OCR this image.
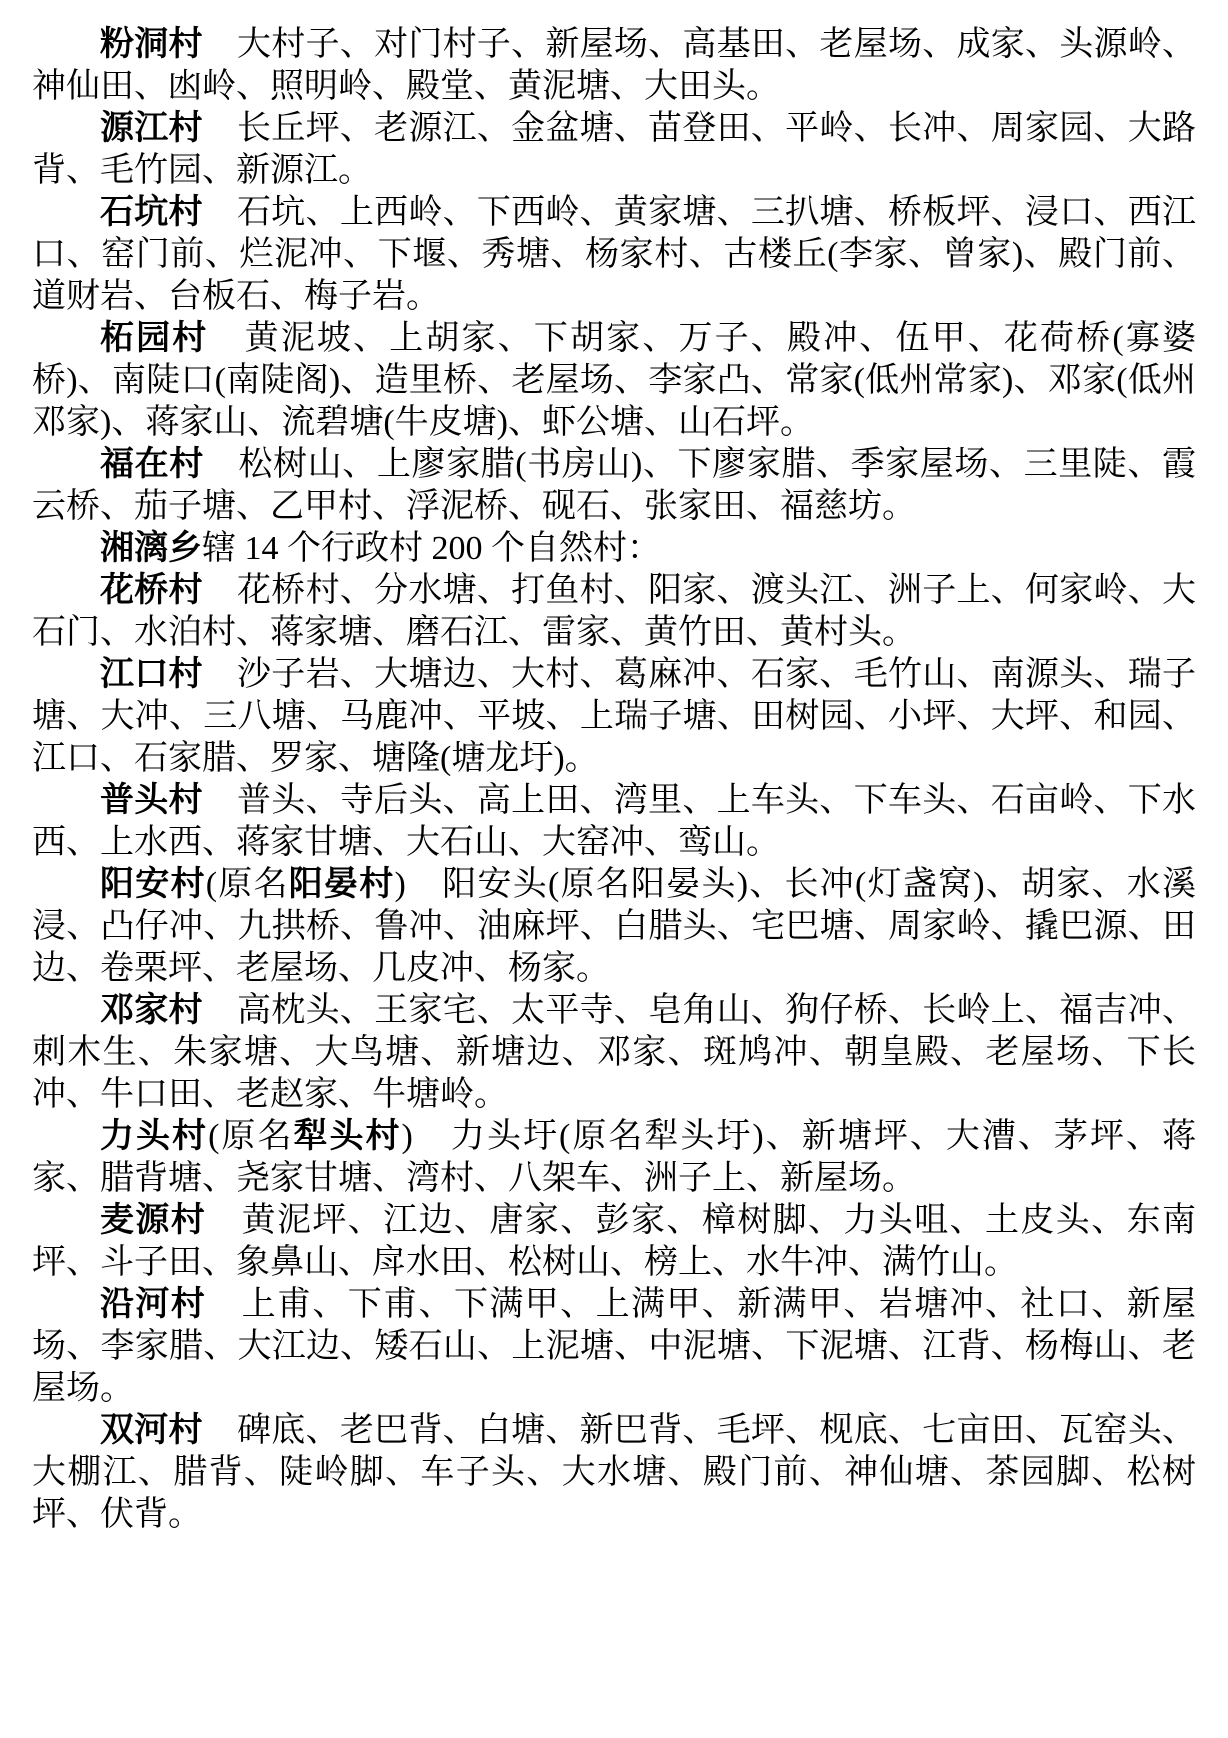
粉洞村　 大村子、对门村子、新屋场、高基田、老屋场、成家、头源岭、神仙田、凼岭、照明岭、殿堂、黄泥塘、大田头。

源江村　 长丘坪、老源江、金盆塘、苗登田、平岭、长冲、周家园、大路背、毛竹园、新源江。

石坑村　 石坑、上西岭、下西岭、黄家塘、三扒塘、桥板坪、浸口、西江口、窑门前、烂泥冲、下堰、秀塘、杨家村、古楼丘(李家、曾家)、殿门前、道财岩、台板石、梅子岩。

柘园村　 黄泥坡、上胡家、下胡家、万子、殿冲、伍甲、花荷桥(寡婆桥)、南陡口(南陡阁)、造里桥、老屋场、李家凸、常家(低州常家)、邓家(低州邓家)、蒋家山、流碧塘(牛皮塘)、虾公塘、山石坪。

福在村　 松树山、上廖家腊(书房山)、下廖家腊、季家屋场、三里陡、霞云桥、茄子塘、乙甲村、浮泥桥、砚石、张家田、福慈坊。

湘漓乡辖 14 个行政村 200 个自然村：

花桥村　 花桥村、分水塘、打鱼村、阳家、渡头江、洲子上、何家岭、大石门、水泊村、蒋家塘、磨石江、雷家、黄竹田、黄村头。

江口村　 沙子岩、大塘边、大村、葛麻冲、石家、毛竹山、南源头、瑞子塘、大冲、三八塘、马鹿冲、平坡、上瑞子塘、田树园、小坪、大坪、和园、江口、石家腊、罗家、塘隆(塘龙圩)。

普头村　 普头、寺后头、高上田、湾里、上车头、下车头、石亩岭、下水西、上水西、蒋家甘塘、大石山、大窑冲、鸾山。

阳安村(原名阳晏村)　 阳安头(原名阳晏头)、长冲(灯盏窝)、胡家、水溪浸、凸仔冲、九拱桥、鲁冲、油麻坪、白腊头、宅巴塘、周家岭、撬巴源、田边、卷栗坪、老屋场、几皮冲、杨家。

邓家村　 高枕头、王家宅、太平寺、皂角山、狗仔桥、长岭上、福吉冲、刺木生、朱家塘、大鸟塘、新塘边、邓家、斑鸠冲、朝皇殿、老屋场、下长冲、牛口田、老赵家、牛塘岭。

力头村(原名犁头村)　 力头圩(原名犁头圩)、新塘坪、大漕、茅坪、蒋家、腊背塘、尧家甘塘、湾村、八架车、洲子上、新屋场。

麦源村　 黄泥坪、江边、唐家、彭家、樟树脚、力头咀、土皮头、东南坪、斗子田、象鼻山、戽水田、松树山、榜上、水牛冲、满竹山。

沿河村　 上甫、下甫、下满甲、上满甲、新满甲、岩塘冲、社口、新屋场、李家腊、大江边、矮石山、上泥塘、中泥塘、下泥塘、江背、杨梅山、老屋场。

双河村　 碑底、老巴背、白塘、新巴背、毛坪、枧底、七亩田、瓦窑头、大棚江、腊背、陡岭脚、车子头、大水塘、殿门前、神仙塘、茶园脚、松树坪、伏背。
